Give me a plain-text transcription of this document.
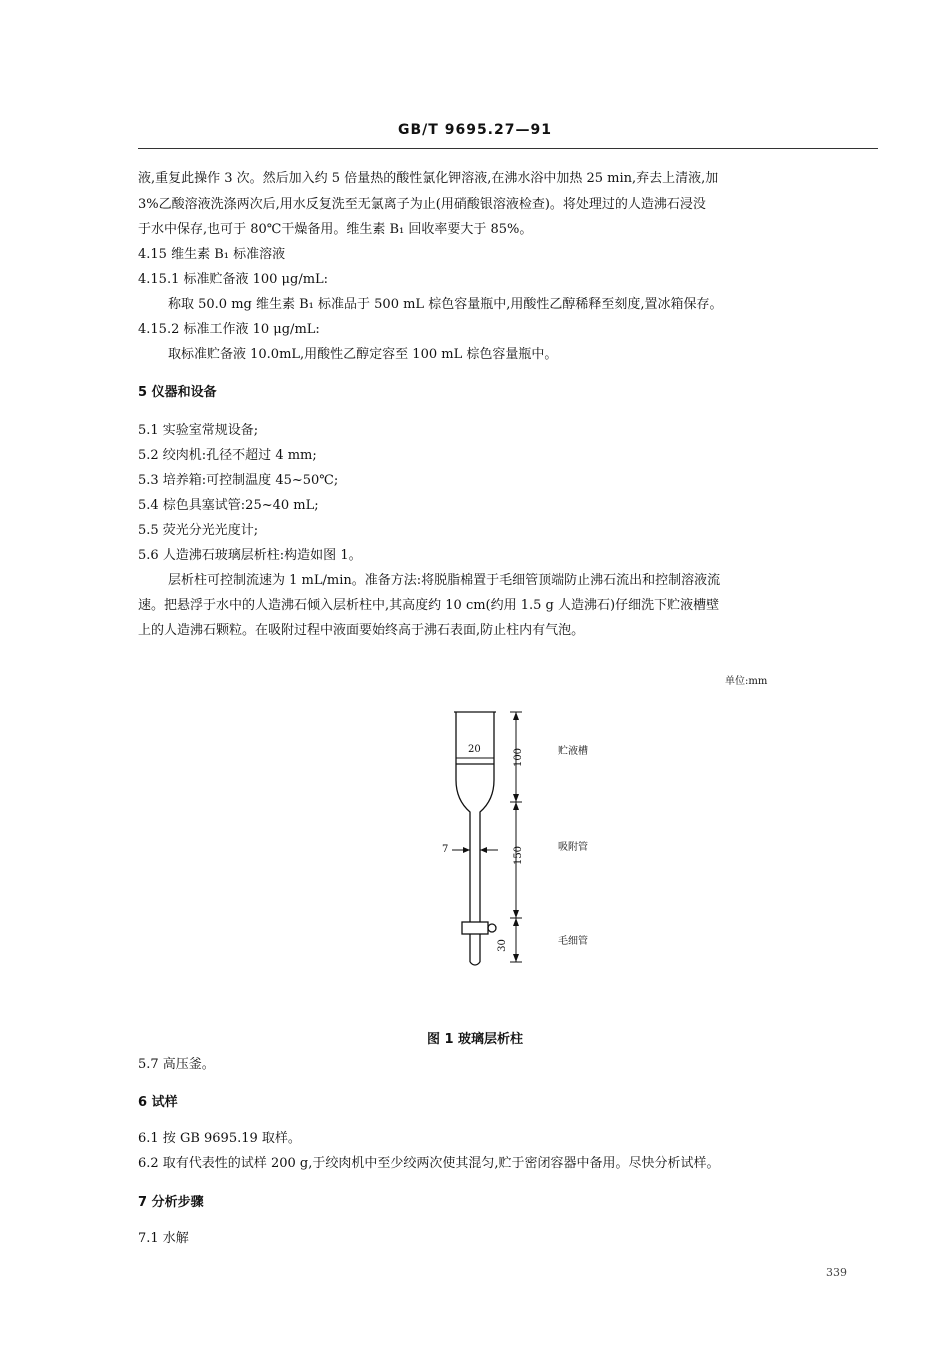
GB/T 9695.27—91
液,重复此操作 3 次。然后加入约 5 倍量热的酸性氯化钾溶液,在沸水浴中加热 25 min,弃去上清液,加
3%乙酸溶液洗涤两次后,用水反复洗至无氯离子为止(用硝酸银溶液检查)。将处理过的人造沸石浸没
于水中保存,也可于 80℃干燥备用。维生素 B₁ 回收率要大于 85%。
4.15 维生素 B₁ 标准溶液
4.15.1 标准贮备液 100 μg/mL:
称取 50.0 mg 维生素 B₁ 标准品于 500 mL 棕色容量瓶中,用酸性乙醇稀释至刻度,置冰箱保存。
4.15.2 标准工作液 10 μg/mL:
取标准贮备液 10.0mL,用酸性乙醇定容至 100 mL 棕色容量瓶中。
5 仪器和设备
5.1 实验室常规设备;
5.2 绞肉机:孔径不超过 4 mm;
5.3 培养箱:可控制温度 45~50℃;
5.4 棕色具塞试管:25~40 mL;
5.5 荧光分光光度计;
5.6 人造沸石玻璃层析柱:构造如图 1。
层析柱可控制流速为 1 mL/min。准备方法:将脱脂棉置于毛细管顶端防止沸石流出和控制溶液流
速。把悬浮于水中的人造沸石倾入层析柱中,其高度约 10 cm(约用 1.5 g 人造沸石)仔细洗下贮液槽壁
上的人造沸石颗粒。在吸附过程中液面要始终高于沸石表面,防止柱内有气泡。
单位:mm
20	100
7	150
30
贮液槽
吸附管
毛细管
图 1 玻璃层析柱
5.7 高压釜。
6 试样
6.1 按 GB 9695.19 取样。
6.2 取有代表性的试样 200 g,于绞肉机中至少绞两次使其混匀,贮于密闭容器中备用。尽快分析试样。
7 分析步骤
7.1 水解
339
